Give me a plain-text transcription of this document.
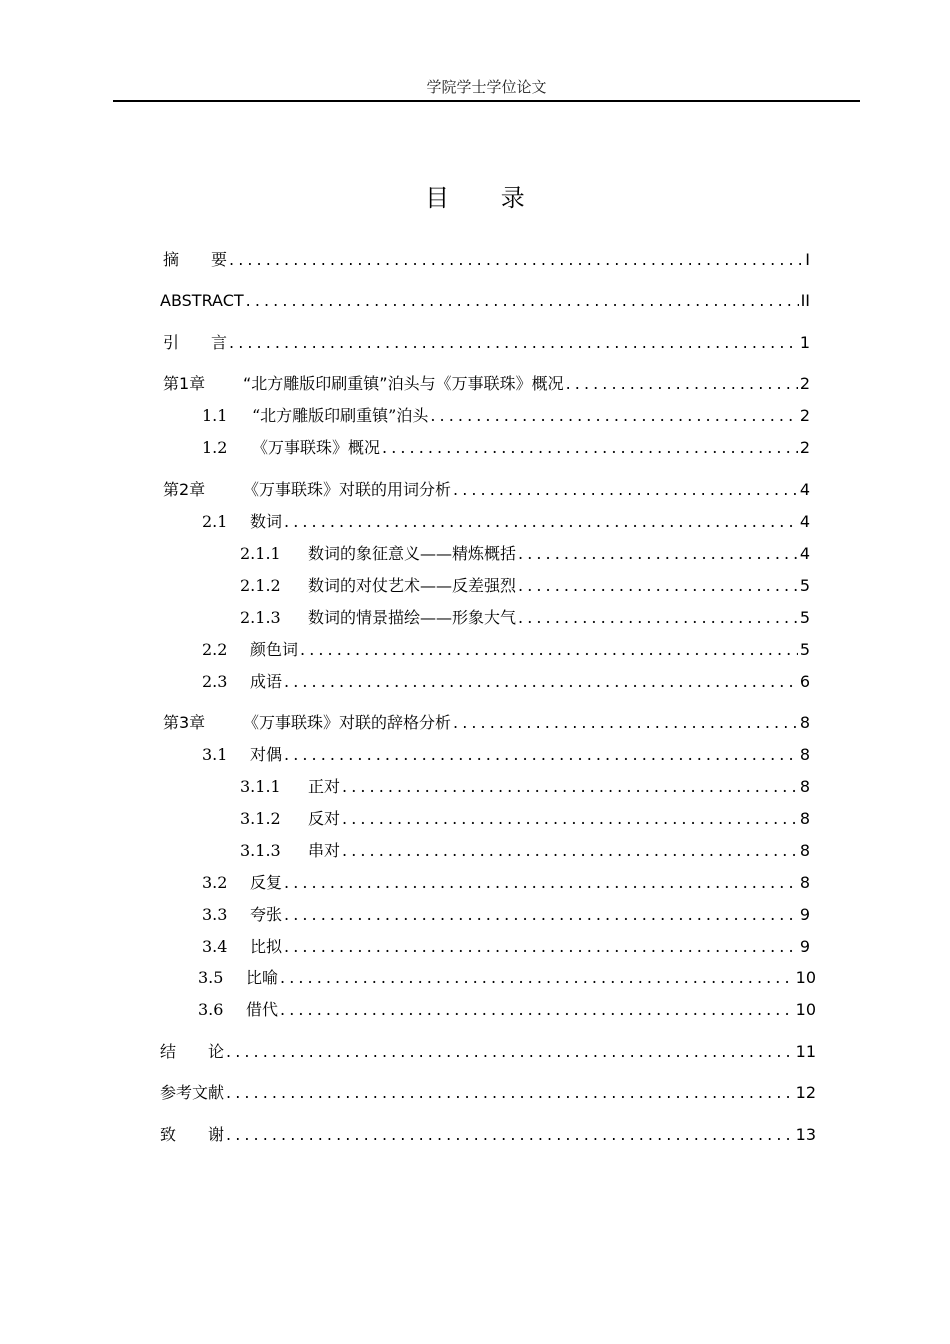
学院学士学位论文
目 录
摘　　要 . . .	I
ABSTRACT . . .	II
引　　言 . . .	1
第1章	“北方雕版印刷重镇”泊头与《万事联珠》概况 . . .	2
1.1	“北方雕版印刷重镇”泊头 . . .	2
1.2	《万事联珠》概况 . . .	2
第2章	《万事联珠》对联的用词分析 . . .	4
2.1	数词 . . .	4
2.1.1	数词的象征意义——精炼概括 . . .	4
2.1.2	数词的对仗艺术——反差强烈 . . .	5
2.1.3	数词的情景描绘——形象大气 . . .	5
2.2	颜色词 . . .	5
2.3	成语 . . .	6
第3章	《万事联珠》对联的辞格分析 . . .	8
3.1	对偶 . . .	8
3.1.1	正对 . . .	8
3.1.2	反对 . . .	8
3.1.3	串对 . . .	8
3.2	反复 . . .	8
3.3	夸张 . . .	9
3.4	比拟 . . .	9
3.5	比喻 . . .	10
3.6	借代 . . .	10
结　　论 . . .	11
参考文献 . . .	12
致　　谢 . . .	13
